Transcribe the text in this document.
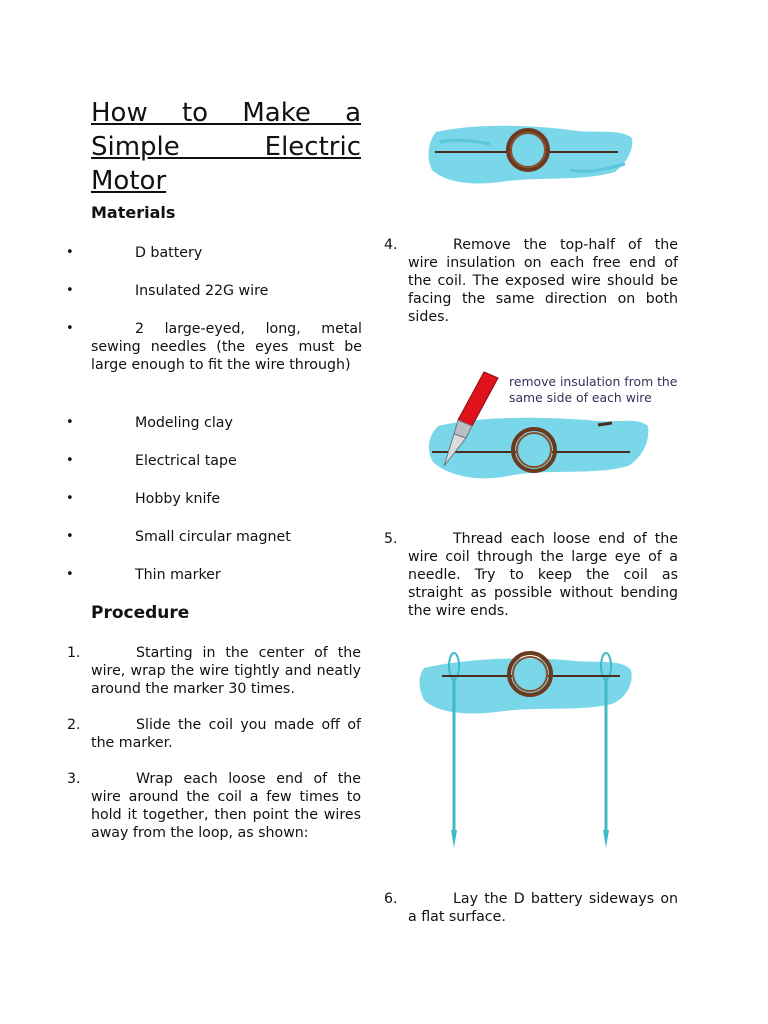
How to Make a
Simple Electric
Motor
Materials
•	D battery
•	Insulated 22G wire
•	2 large-eyed, long, metal sewing needles (the eyes must be large enough to fit the wire through)
•	Modeling clay
•	Electrical tape
•	Hobby knife
•	Small circular magnet
•	Thin marker
Procedure
1.	Starting in the center of the wire, wrap the wire tightly and neatly around the marker 30 times.
2.	Slide the coil you made off of the marker.
3.	Wrap each loose end of the wire around the coil a few times to hold it together, then point the wires away from the loop, as shown:
4.	Remove the top-half of the wire insulation on each free end of the coil. The exposed wire should be facing the same direction on both sides.
remove insulation from the
same side of each wire
5.	Thread each loose end of the wire coil through the large eye of a needle. Try to keep the coil as straight as possible without bending the wire ends.
6.	Lay the D battery sideways on a flat surface.
